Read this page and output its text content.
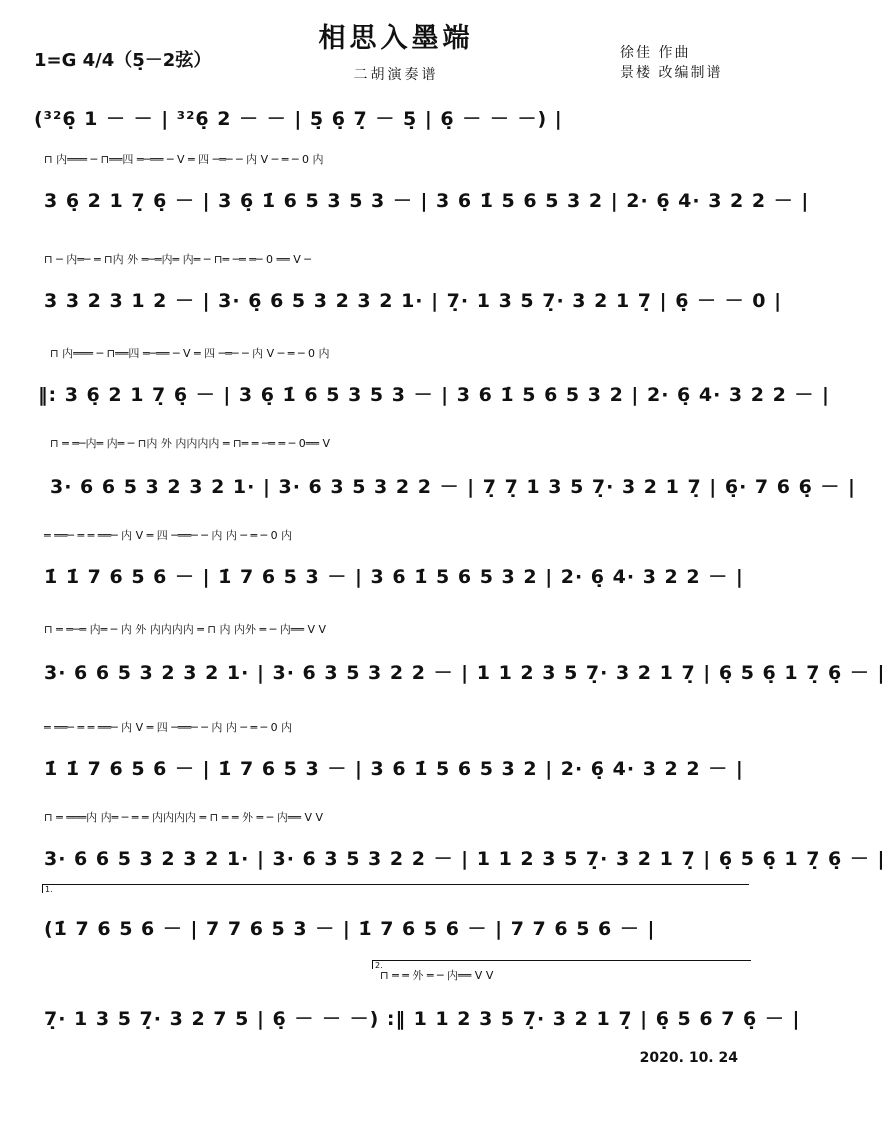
相思入墨端
二胡演奏谱
1=G 4/4（5̣－2弦）	徐佳 作曲
景楼 改编制谱
(³²6̣ 1 － － | ³²6̣ 2 － － | 5̣ 6̣ 7̣ － 5̣ | 6̣ － － －) |
⊓ 内═══ ─ ⊓══四 ═─══ ─ V ═ 四 ─═─ ─ 内 V ─ ═ ─ 0 内
3 6̣ 2 1 7̣ 6̣ － | 3 6̣ 1̇ 6 5 3 5 3 － | 3 6 1̇ 5 6 5 3 2 | 2· 6̣ 4· 3 2 2 － |
⊓ ─ 内═─ ═ ⊓内 外 ═─═内═ 内═ ─ ⊓═ ─═ ═─ 0 ══ V ─
3 3 2 3 1 2 － | 3· 6̣ 6 5 3 2 3 2 1· | 7̣· 1 3 5 7̣· 3 2 1 7̣ | 6̣ － － 0 |
⊓ 内═══ ─ ⊓══四 ═─══ ─ V ═ 四 ─═─ ─ 内 V ─ ═ ─ 0 内
‖: 3 6̣ 2 1 7̣ 6̣ － | 3 6̣ 1̇ 6 5 3 5 3 － | 3 6 1̇ 5 6 5 3 2 | 2· 6̣ 4· 3 2 2 － |
⊓ ═ ═─内═ 内═ ─ ⊓内 外 内内内内 ═ ⊓═ ═ ─═ ═ ─ 0══ V
3· 6 6 5 3 2 3 2 1· | 3· 6 3 5 3 2 2 － | 7̣ 7̣ 1 3 5 7̣· 3 2 1 7̣ | 6̣· 7 6 6̣ － |
═ ══─ ═ ═ ══─ 内 V ═ 四 ─══─ ─ 内 内 ─ ═ ─ 0 内
1̇ 1̇ 7 6 5 6 － | 1̇ 7 6 5 3 － | 3 6 1̇ 5 6 5 3 2 | 2· 6̣ 4· 3 2 2 － |
⊓ ═ ═─═ 内═ ─ 内 外 内内内内 ═ ⊓ 内 内外 ═ ─ 内══ V V
3· 6 6 5 3 2 3 2 1· | 3· 6 3 5 3 2 2 － | 1 1 2 3 5 7̣· 3 2 1 7̣ | 6̣ 5 6̣ 1 7̣ 6̣ － |
═ ══─ ═ ═ ══─ 内 V ═ 四 ─══─ ─ 内 内 ─ ═ ─ 0 内
1̇ 1̇ 7 6 5 6 － | 1̇ 7 6 5 3 － | 3 6 1̇ 5 6 5 3 2 | 2· 6̣ 4· 3 2 2 － |
⊓ ═ ═══内 内═ ─ ═ ═ 内内内内 ═ ⊓ ═ ═ 外 ═ ─ 内══ V V
3· 6 6 5 3 2 3 2 1· | 3· 6 3 5 3 2 2 － | 1 1 2 3 5 7̣· 3 2 1 7̣ | 6̣ 5 6̣ 1 7̣ 6̣ － |
1.
(1̇ 7 6 5 6 － | 7 7 6 5 3 － | 1̇ 7 6 5 6 － | 7 7 6 5 6 － |
2.
⊓ ═ ═ 外 ═ ─ 内══ V V
7̣· 1 3 5 7̣· 3 2 7 5 | 6̣ － － －) :‖ 1 1 2 3 5 7̣· 3 2 1 7̣ | 6̣ 5 6 7 6̣ － |
2020. 10. 24
